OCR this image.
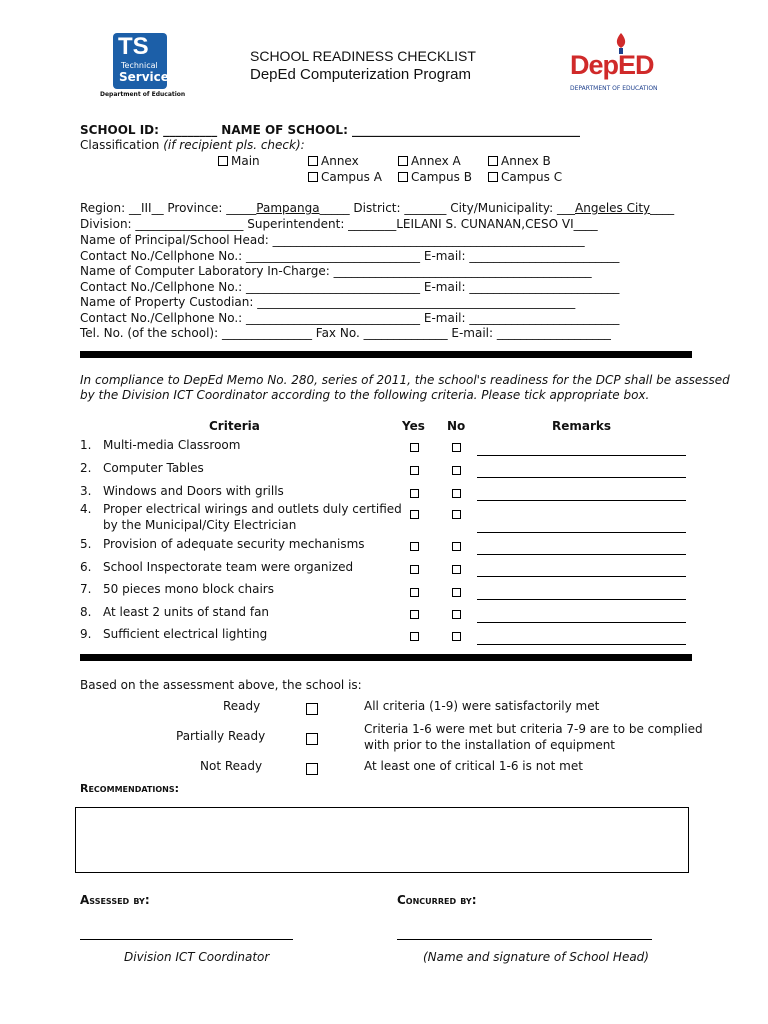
TS
Technical
Service
Department of Education
SCHOOL READINESS CHECKLIST
DepEd Computerization Program	DepED
DEPARTMENT OF EDUCATION
SCHOOL ID: _________ NAME OF SCHOOL: ______________________________________
Classification (if recipient pls. check):
Main	Annex	Annex A	Annex B
Campus A	Campus B	Campus C
Region: __III__ Province: _____Pampanga_____ District: _______ City/Municipality: ___Angeles City____
Division: __________________ Superintendent: ________LEILANI S. CUNANAN,CESO VI____
Name of Principal/School Head: ____________________________________________________
Contact No./Cellphone No.: _____________________________ E-mail: _________________________
Name of Computer Laboratory In-Charge: ___________________________________________
Contact No./Cellphone No.: _____________________________ E-mail: _________________________
Name of Property Custodian: _____________________________________________________
Contact No./Cellphone No.: _____________________________ E-mail: _________________________
Tel. No. (of the school): _______________ Fax No. ______________ E-mail: ___________________
In compliance to DepEd Memo No. 280, series of 2011, the school's readiness for the DCP shall be assessed
by the Division ICT Coordinator according to the following criteria. Please tick appropriate box.
Criteria	Yes No	Remarks
1. Multi-media Classroom
2. Computer Tables
3. Windows and Doors with grills
4. Proper electrical wirings and outlets duly certified
by the Municipal/City Electrician
5. Provision of adequate security mechanisms
6. School Inspectorate team were organized
7. 50 pieces mono block chairs
8. At least 2 units of stand fan
9. Sufficient electrical lighting
Based on the assessment above, the school is:
Ready	All criteria (1-9) were satisfactorily met
Partially Ready	Criteria 1-6 were met but criteria 7-9 are to be complied
with prior to the installation of equipment
Not Ready	At least one of critical 1-6 is not met
Recommendations:
Assessed by:	Concurred by:
Division ICT Coordinator	(Name and signature of School Head)
